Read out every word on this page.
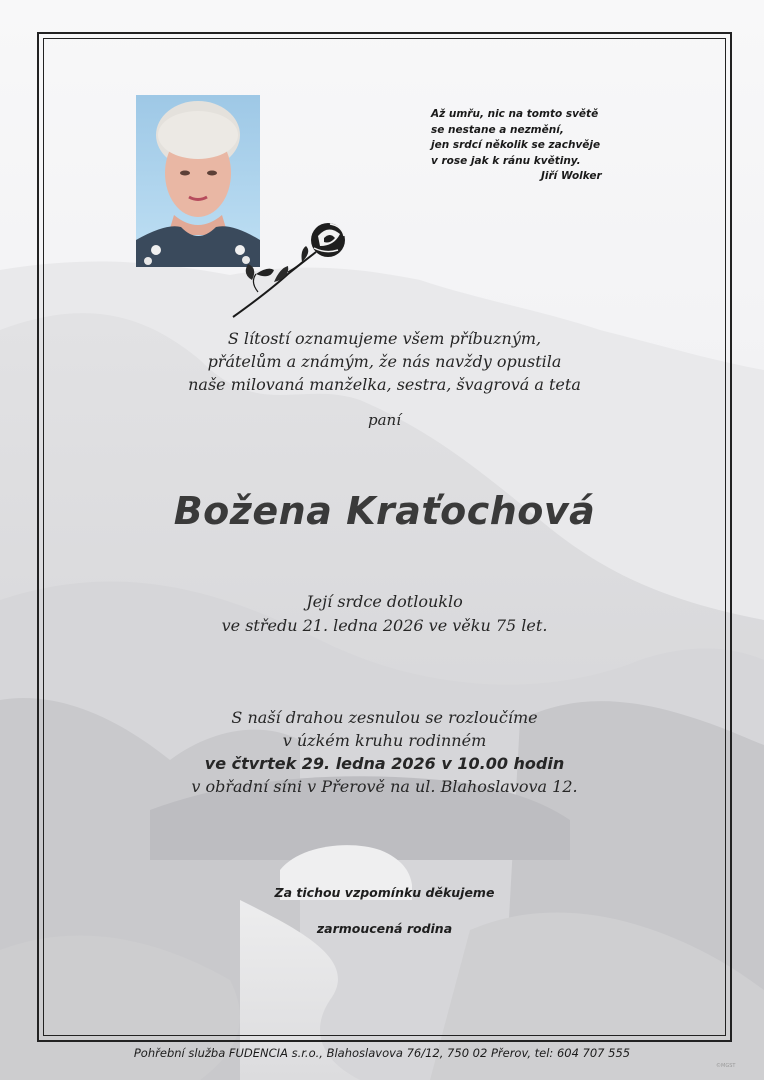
Až umřu, nic na tomto světě
se nestane a nezmění,
jen srdcí několik se zachvěje
v rose jak k ránu květiny.
Jiří Wolker
S lítostí oznamujeme všem příbuzným,
přátelům a známým, že nás navždy opustila
naše milovaná manželka, sestra, švagrová a teta
paní
Božena Kraťochová
Její srdce dotlouklo
ve středu 21. ledna 2026 ve věku 75 let.
S naší drahou zesnulou se rozloučíme
v úzkém kruhu rodinném
ve čtvrtek 29. ledna 2026 v 10.00 hodin
v obřadní síni v Přerově na ul. Blahoslavova 12.
Za tichou vzpomínku děkujeme
zarmoucená rodina
Pohřební služba FUDENCIA s.r.o., Blahoslavova 76/12, 750 02 Přerov, tel: 604 707 555
©MGST
